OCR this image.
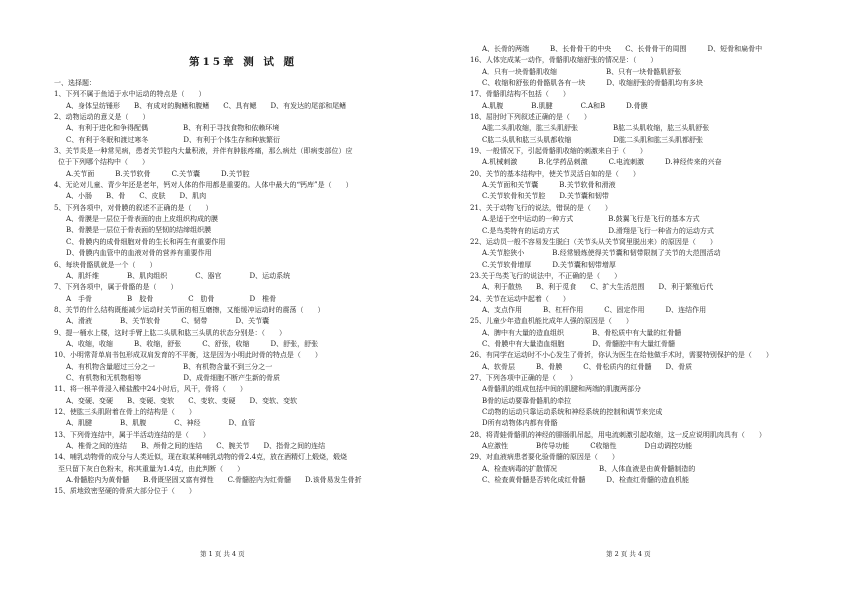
第15章 测 试 题
一、选择题：
1、下列不属于鱼适于水中运动的特点是（　　）
A、身体呈纺锤形　　B、有成对的胸鳍和腹鳍　　C、具有鳃　　D、有发达的尾部和尾鳍
2、动物运动的意义是（　　）
A、有利于进化和争得配偶　　　　　B、有利于寻找食物和依赖环境
C、有利于冬眠和渡过寒冬　　　　　D、有利于个体生存和种族繁衍
3、关节炎是一种常见病，患者关节腔内大量积液，并伴有肿胀疼痛，那么病灶（即病变部位）应
位于下列哪个结构中（　　）
A.关节面　　　B.关节软骨　　　C.关节囊　　　D.关节腔
4、无论对儿童、青少年还是老年，钙对人体的作用都是重要的。人体中最大的“钙库”是（　　）
A、小肠　　B、骨　　C、皮肤　　D、肌肉
5、下列各项中，对骨膜的叙述不正确的是（　　）
A、骨膜是一层位于骨表面的由上皮组织构成的膜
B、骨膜是一层位于骨表面的坚韧的结缔组织膜
C、骨膜内的成骨细胞对骨的生长和再生有重要作用
D、骨膜内血管中的血液对骨的营养有重要作用
6、每块骨骼肌就是一个（　　）
A、肌纤维　　　　B、肌肉组织　　　　C、器官　　　　D、运动系统
7、下列各项中，属于骨骼的是（　　）
A　手骨　　　　　B　胶骨　　　　　C　肋骨　　　　　D　椎骨
8、关节的什么结构既能减少运动时关节面的相互磨擦，又能缓冲运动时的震荡（　　）
A、滑液　　　　B、关节软骨　　　C、韧带　　　　D、关节囊
9、提一桶水上楼，这时手臂上肱二头肌和肱三头肌的状态分别是：（　　）
A、收缩，收缩　　　B、收缩，舒张　　　C、舒张，收缩　　　D、舒张，舒张
10、小明常背单肩书包形成双肩发育的不平衡，这是因为小明此时骨的特点是（　　）
A、有机物含量超过三分之一　　　　B、有机物含量不到三分之一
C、有机物和无机物相等　　　　　　D、成骨细胞不断产生新的骨质
11、将一根羊骨浸入稀盐酸中24小时后，风干，骨将（　　）
A、变硬、变硬　　B、变硬、变软　　C、变软、变硬　　D、变软、变软
12、使肱三头肌附着在骨上的结构是（　　）
A、肌腱　　　　B、肌腹　　　　C、神经　　　　D、血管
13、下列骨连结中，属于半活动连结的是（　　）
A、椎骨之间的连结　　B、颅骨之间的连结　　C、腕关节　　D、指骨之间的连结
14、哺乳动物骨的成分与人类近似，现在取某种哺乳动物的骨2.4克，放在酒精灯上煅烧，煅烧
至只留下灰白色粉末，称其重量为1.4克，由此判断（　　）
A.骨髓腔内为黄骨髓　　B.骨既坚固又富有弹性　　C.骨髓腔内为红骨髓　　D.该骨易发生骨折
15、质地致密坚硬的骨质大部分位于（　　）
A、长骨的两端　　　B、长骨骨干的中央　　C、长骨骨干的周围　　　D、短骨和扁骨中
16、人体完成某一动作，骨骼肌收缩舒张的情况是：（　　）
A．只有一块骨骼肌收缩　　　　　　　B、只有一块骨骼肌舒张
C、收缩和舒张的骨骼肌各有一块　　　D、收缩舒张的骨骼肌均有多块
17、骨骼肌结构不包括（　　）
A.肌腹　　　　B.肌腱　　　　C.A和B　　　D.骨膜
18、屈肘时下列叙述正确的是（　　）
A肱二头肌收缩，肱三头肌舒张　　　　　B肱二头肌收缩，肱三头肌舒张
C肱二头肌和肱三头肌都收缩　　　　　　D肱二头肌和肱三头肌都舒张
19、一般情况下，引起骨骼肌收缩的刺激来自于（　　）
A.机械刺激　　　B.化学药品刺激　　　C.电流刺激　　　D.神经传来的兴奋
20、关节的基本结构中，使关节灵活自如的是（　　）
A.关节面和关节囊　　　B.关节软骨和滑液
C.关节软骨和关节腔　　D.关节囊和韧带
21、关于动物飞行的说法，错误的是（　　）
A.是适于空中运动的一种方式　　　　　B.鼓翼飞行是飞行的基本方式
C.是鸟类特有的运动方式　　　　　　　D.滑翔是飞行一种省力的运动方式
22、运动员一般不容易发生脱臼（关节头从关节窝里脱出来）的原因是（　　）
A.关节腔狭小　　　　B.经常锻炼使得关节囊和韧带限制了关节的大范围活动
C.关节软骨增厚　　　D.关节囊和韧带增厚
23.关于鸟类飞行的说法中，不正确的是（　　）
A、利于散热　　B、利于觅食　　C、扩大生活范围　　D、利于繁殖后代
24、关节在运动中起着（　　）
A、支点作用　　　B、杠杆作用　　　C、固定作用　　　D、连结作用
25、儿童少年造血机能比成年人强的原因是（　　）
A、脾中有大量的造血组织　　　　B、骨松质中有大量的红骨髓
C、骨膜中有大量造血细胞　　　　D、骨髓腔中有大量红骨髓
26、有同学在运动时不小心发生了骨折，你认为医生在给他做手术时，需要特别保护的是（　　）
A、软骨层　　　B、骨膜　　　C、骨松质内的红骨髓　　D、骨质
27、下列各项中正确的是（　　）
A骨骼肌的组成包括中间的肌腱和两端的肌腹两部分
B骨的运动要靠骨骼肌的牵拉
C动物的运动只靠运动系统和神经系统的控制和调节来完成
D所有动物体内都有骨骼
28、将青蛙骨骼肌的神经的腓肠肌吊起，用电流刺激引起收缩，这一反应说明肌肉具有（　　）
A应激性　　　　B传导功能　　　C收缩性　　　　D自动调控功能
29、对血液病患者要化验骨髓的原因是（　　）
A、检查病毒的扩散情况　　　　　　B、人体血液是由黄骨髓制造的
C、检查黄骨髓是否转化成红骨髓　　　D、检查红骨髓的造血机能
第 1 页 共 4 页	第 2 页 共 4 页
